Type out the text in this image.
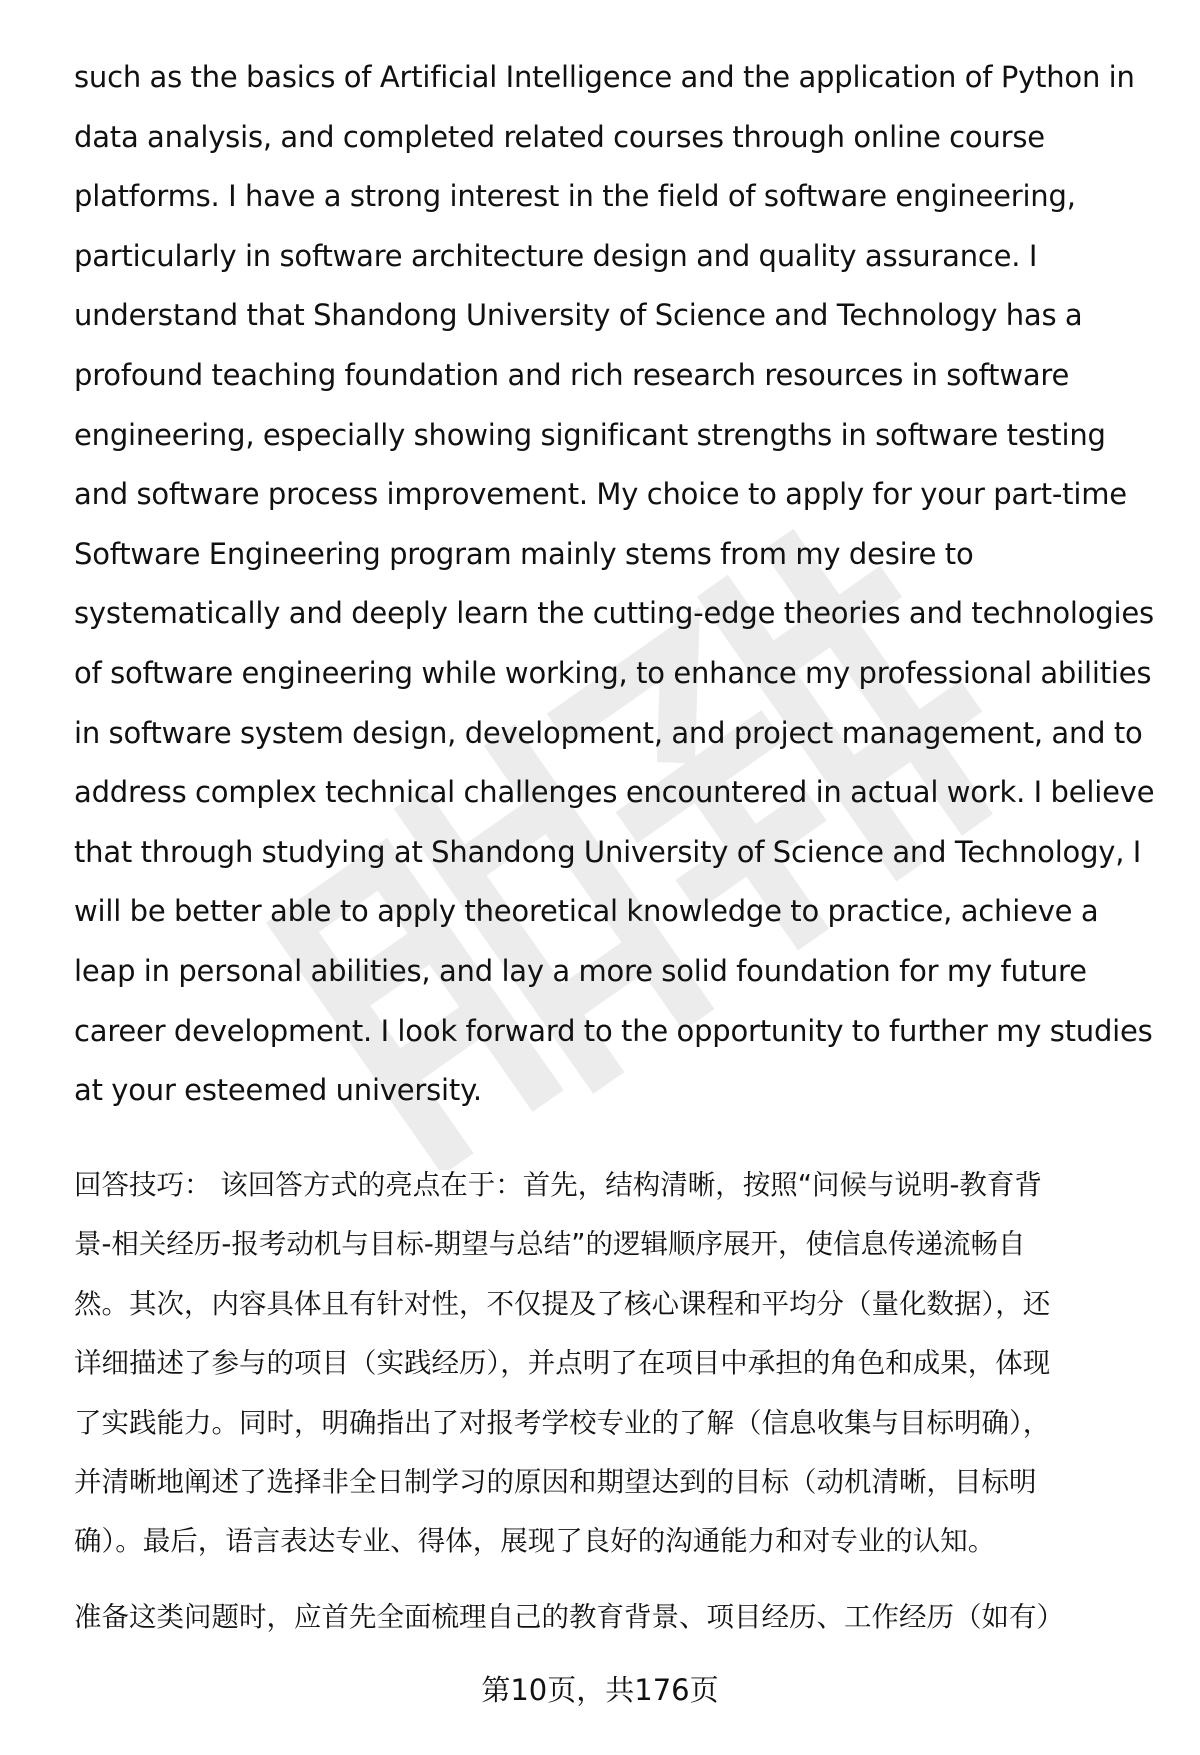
such as the basics of Artificial Intelligence and the application of Python in
data analysis, and completed related courses through online course
platforms. I have a strong interest in the field of software engineering,
particularly in software architecture design and quality assurance. I
understand that Shandong University of Science and Technology has a
profound teaching foundation and rich research resources in software
engineering, especially showing significant strengths in software testing
and software process improvement. My choice to apply for your part-time
Software Engineering program mainly stems from my desire to
systematically and deeply learn the cutting-edge theories and technologies
of software engineering while working, to enhance my professional abilities
in software system design, development, and project management, and to
address complex technical challenges encountered in actual work. I believe
that through studying at Shandong University of Science and Technology, I
will be better able to apply theoretical knowledge to practice, achieve a
leap in personal abilities, and lay a more solid foundation for my future
career development. I look forward to the opportunity to further my studies
at your esteemed university.

回答技巧： 该回答方式的亮点在于：首先，结构清晰，按照“问候与说明-教育背
景-相关经历-报考动机与目标-期望与总结”的逻辑顺序展开，使信息传递流畅自
然。其次，内容具体且有针对性，不仅提及了核心课程和平均分（量化数据），还
详细描述了参与的项目（实践经历），并点明了在项目中承担的角色和成果，体现
了实践能力。同时，明确指出了对报考学校专业的了解（信息收集与目标明确），
并清晰地阐述了选择非全日制学习的原因和期望达到的目标（动机清晰，目标明
确）。最后，语言表达专业、得体，展现了良好的沟通能力和对专业的认知。

准备这类问题时，应首先全面梳理自己的教育背景、项目经历、工作经历（如有）

第10页，共176页
